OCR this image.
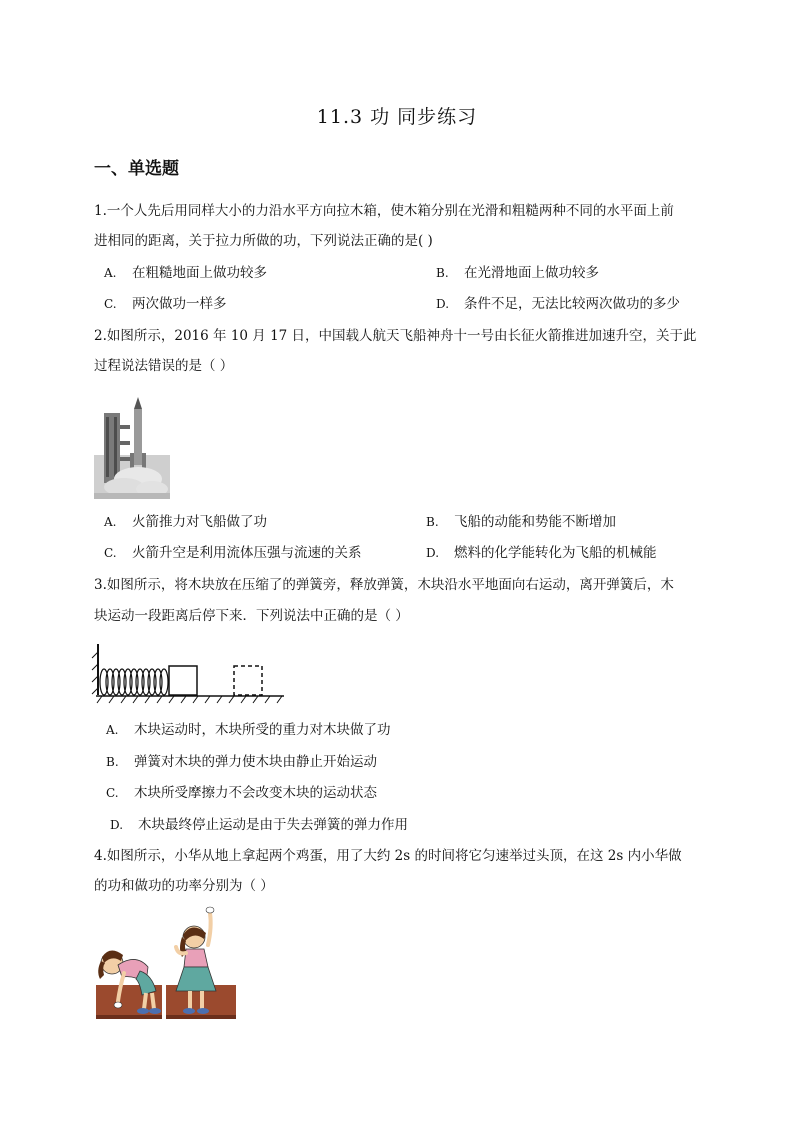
11.3 功 同步练习
一、单选题
1.一个人先后用同样大小的力沿水平方向拉木箱，使木箱分别在光滑和粗糙两种不同的水平面上前
进相同的距离，关于拉力所做的功，下列说法正确的是( )
A. 在粗糙地面上做功较多	B. 在光滑地面上做功较多
C. 两次做功一样多	D. 条件不足，无法比较两次做功的多少
2.如图所示，2016 年 10 月 17 日，中国载人航天飞船神舟十一号由长征火箭推进加速升空，关于此
过程说法错误的是（ ）
A. 火箭推力对飞船做了功	B. 飞船的动能和势能不断增加
C. 火箭升空是利用流体压强与流速的关系	D. 燃料的化学能转化为飞船的机械能
3.如图所示，将木块放在压缩了的弹簧旁，释放弹簧，木块沿水平地面向右运动，离开弹簧后，木
块运动一段距离后停下来．下列说法中正确的是（ ）
A. 木块运动时，木块所受的重力对木块做了功
B. 弹簧对木块的弹力使木块由静止开始运动
C. 木块所受摩擦力不会改变木块的运动状态
D. 木块最终停止运动是由于失去弹簧的弹力作用
4.如图所示，小华从地上拿起两个鸡蛋，用了大约 2s 的时间将它匀速举过头顶，在这 2s 内小华做
的功和做功的功率分别为（ ）
